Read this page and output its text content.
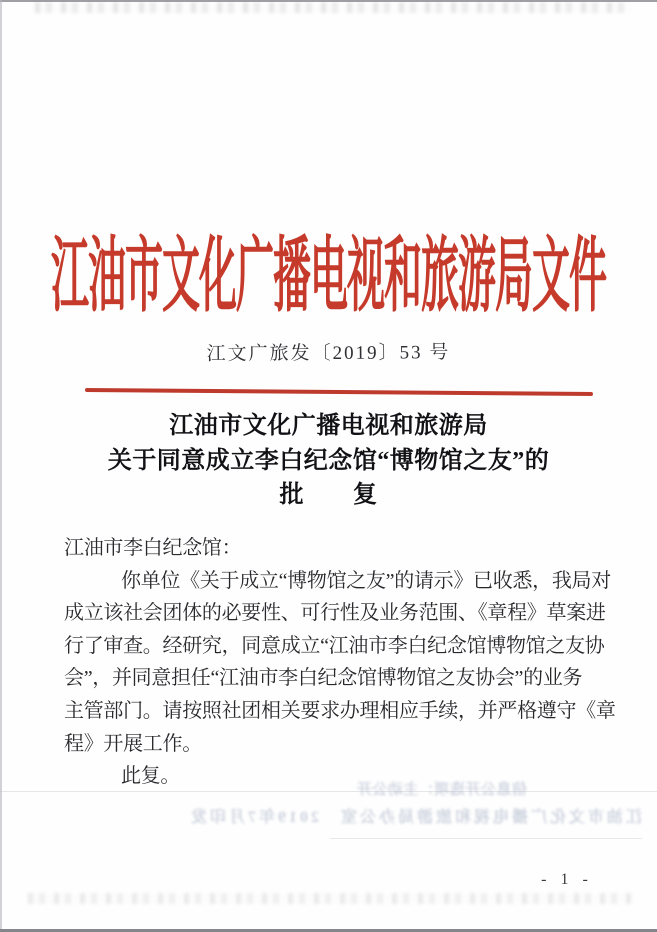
江油市文化广播电视和旅游局文件
江文广旅发〔2019〕53 号
江油市文化广播电视和旅游局
关于同意成立李白纪念馆“博物馆之友”的
批　　复
江油市李白纪念馆：
你单位《关于成立“博物馆之友”的请示》已收悉，我局对
成立该社会团体的必要性、可行性及业务范围、《章程》草案进
行了审查。经研究，同意成立“江油市李白纪念馆博物馆之友协
会”，并同意担任“江油市李白纪念馆博物馆之友协会”的业务
主管部门。请按照社团相关要求办理相应手续，并严格遵守《章
程》开展工作。
此复。
信息公开选项：主动公开
江油市文化广播电视和旅游局办公室　2019年7月印发
- 1 -
